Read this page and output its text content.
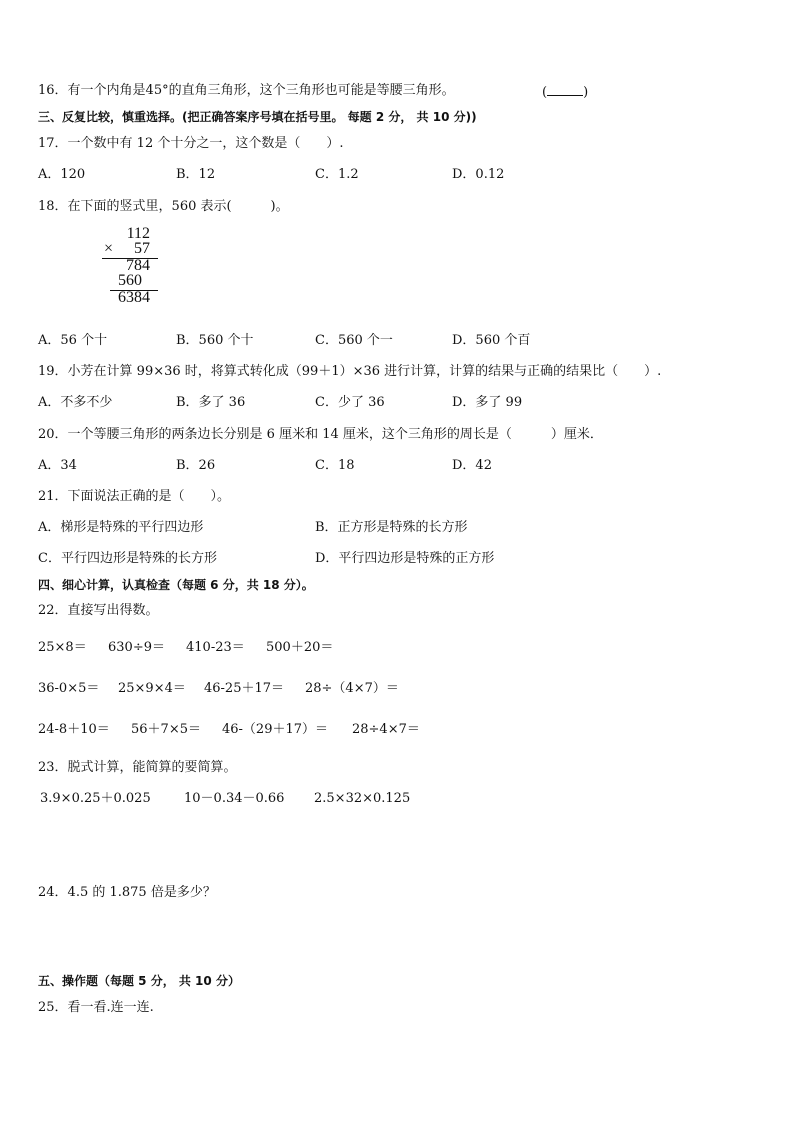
16．有一个内角是45°的直角三角形，这个三角形也可能是等腰三角形。	(	)
三、反复比较，慎重选择。(把正确答案序号填在括号里。 每题 2 分， 共 10 分))
17．一个数中有 12 个十分之一，这个数是（　　）.
A．120	B．12	C．1.2	D．0.12
18．在下面的竖式里，560 表示(　　　)。
112
×	57
784
560
6384
A．56 个十	B．560 个十	C．560 个一	D．560 个百
19．小芳在计算 99×36 时，将算式转化成（99＋1）×36 进行计算，计算的结果与正确的结果比（　　）.
A．不多不少	B．多了 36	C．少了 36	D．多了 99
20．一个等腰三角形的两条边长分别是 6 厘米和 14 厘米，这个三角形的周长是（　　　）厘米．
A．34	B．26	C．18	D．42
21．下面说法正确的是（　　）。
A．梯形是特殊的平行四边形	B．正方形是特殊的长方形
C．平行四边形是特殊的长方形	D．平行四边形是特殊的正方形
四、细心计算，认真检查（每题 6 分，共 18 分）。
22．直接写出得数。
25×8＝ 630÷9＝ 410-23＝ 500＋20＝
36-0×5＝ 25×9×4＝ 46-25＋17＝ 28÷（4×7）＝
24-8＋10＝ 56＋7×5＝ 46-（29＋17）＝ 28÷4×7＝
23．脱式计算，能简算的要简算。
3.9×0.25＋0.025	10－0.34－0.66 2.5×32×0.125
24．4.5 的 1.875 倍是多少？
五、操作题（每题 5 分， 共 10 分）
25．看一看.连一连.
